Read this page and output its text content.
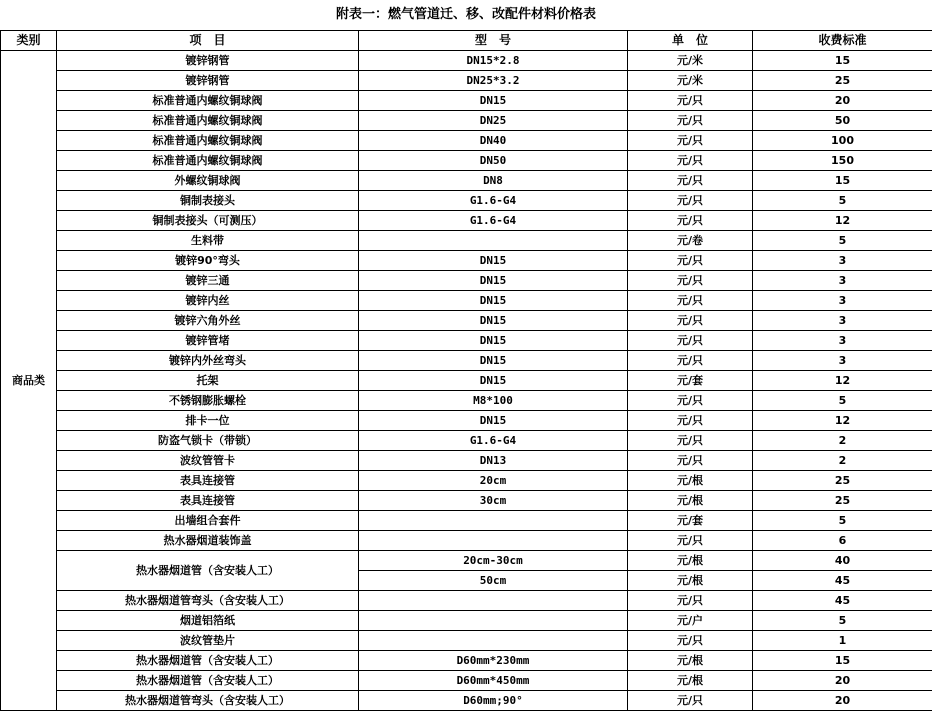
附表一：燃气管道迁、移、改配件材料价格表
类别	项　目	型　号	单　位	收费标准
商品类	镀锌钢管	DN15*2.8	元/米	15
	镀锌钢管	DN25*3.2	元/米	25
	标准普通内螺纹铜球阀	DN15	元/只	20
	标准普通内螺纹铜球阀	DN25	元/只	50
	标准普通内螺纹铜球阀	DN40	元/只	100
	标准普通内螺纹铜球阀	DN50	元/只	150
	外螺纹铜球阀	DN8	元/只	15
	铜制表接头	G1.6-G4	元/只	5
	铜制表接头（可测压）	G1.6-G4	元/只	12
	生料带		元/卷	5
	镀锌90°弯头	DN15	元/只	3
	镀锌三通	DN15	元/只	3
	镀锌内丝	DN15	元/只	3
	镀锌六角外丝	DN15	元/只	3
	镀锌管堵	DN15	元/只	3
	镀锌内外丝弯头	DN15	元/只	3
	托架	DN15	元/套	12
	不锈钢膨胀螺栓	M8*100	元/只	5
	排卡一位	DN15	元/只	12
	防盗气锁卡（带锁）	G1.6-G4	元/只	2
	波纹管管卡	DN13	元/只	2
	表具连接管	20cm	元/根	25
	表具连接管	30cm	元/根	25
	出墙组合套件		元/套	5
	热水器烟道装饰盖		元/只	6
	热水器烟道管（含安装人工）	20cm-30cm	元/根	40
		50cm	元/根	45
	热水器烟道管弯头（含安装人工）		元/只	45
	烟道铝箔纸		元/户	5
	波纹管垫片		元/只	1
	热水器烟道管（含安装人工）	D60mm*230mm	元/根	15
	热水器烟道管（含安装人工）	D60mm*450mm	元/根	20
	热水器烟道管弯头（含安装人工）	D60mm;90°	元/只	20
